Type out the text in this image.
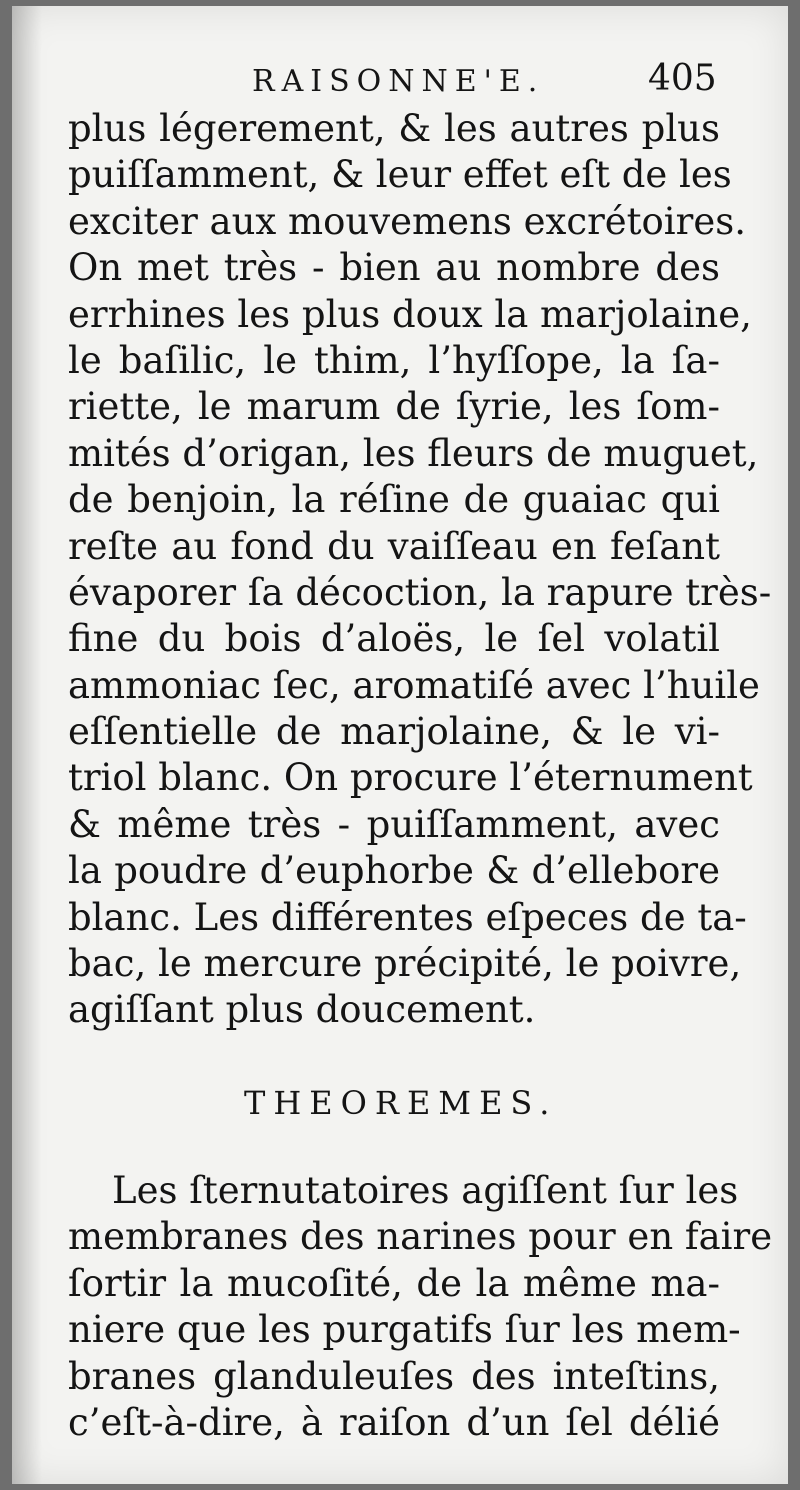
RAISONNE'E.	405
plus légerement, & les autres plus
puiſſamment, & leur effet eſt de les
exciter aux mouvemens excrétoires.
On met très - bien au nombre des
errhines les plus doux la marjolaine,
le baſilic, le thim, l’hyſſope, la ſa-
riette, le marum de ſyrie, les ſom-
mités d’origan, les fleurs de muguet,
de benjoin, la réſine de guaiac qui
reſte au fond du vaiſſeau en feſant
évaporer ſa décoction, la rapure très-
fine du bois d’aloës, le ſel volatil
ammoniac ſec, aromatiſé avec l’huile
eſſentielle de marjolaine, & le vi-
triol blanc. On procure l’éternument
& même très - puiſſamment, avec
la poudre d’euphorbe & d’ellebore
blanc. Les différentes eſpeces de ta-
bac, le mercure précipité, le poivre,
agiſſant plus doucement.
THEOREMES.
Les ſternutatoires agiſſent ſur les
membranes des narines pour en faire
ſortir la mucoſité, de la même ma-
niere que les purgatifs ſur les mem-
branes glanduleuſes des inteſtins,
c’eſt-à-dire, à raiſon d’un ſel délié
